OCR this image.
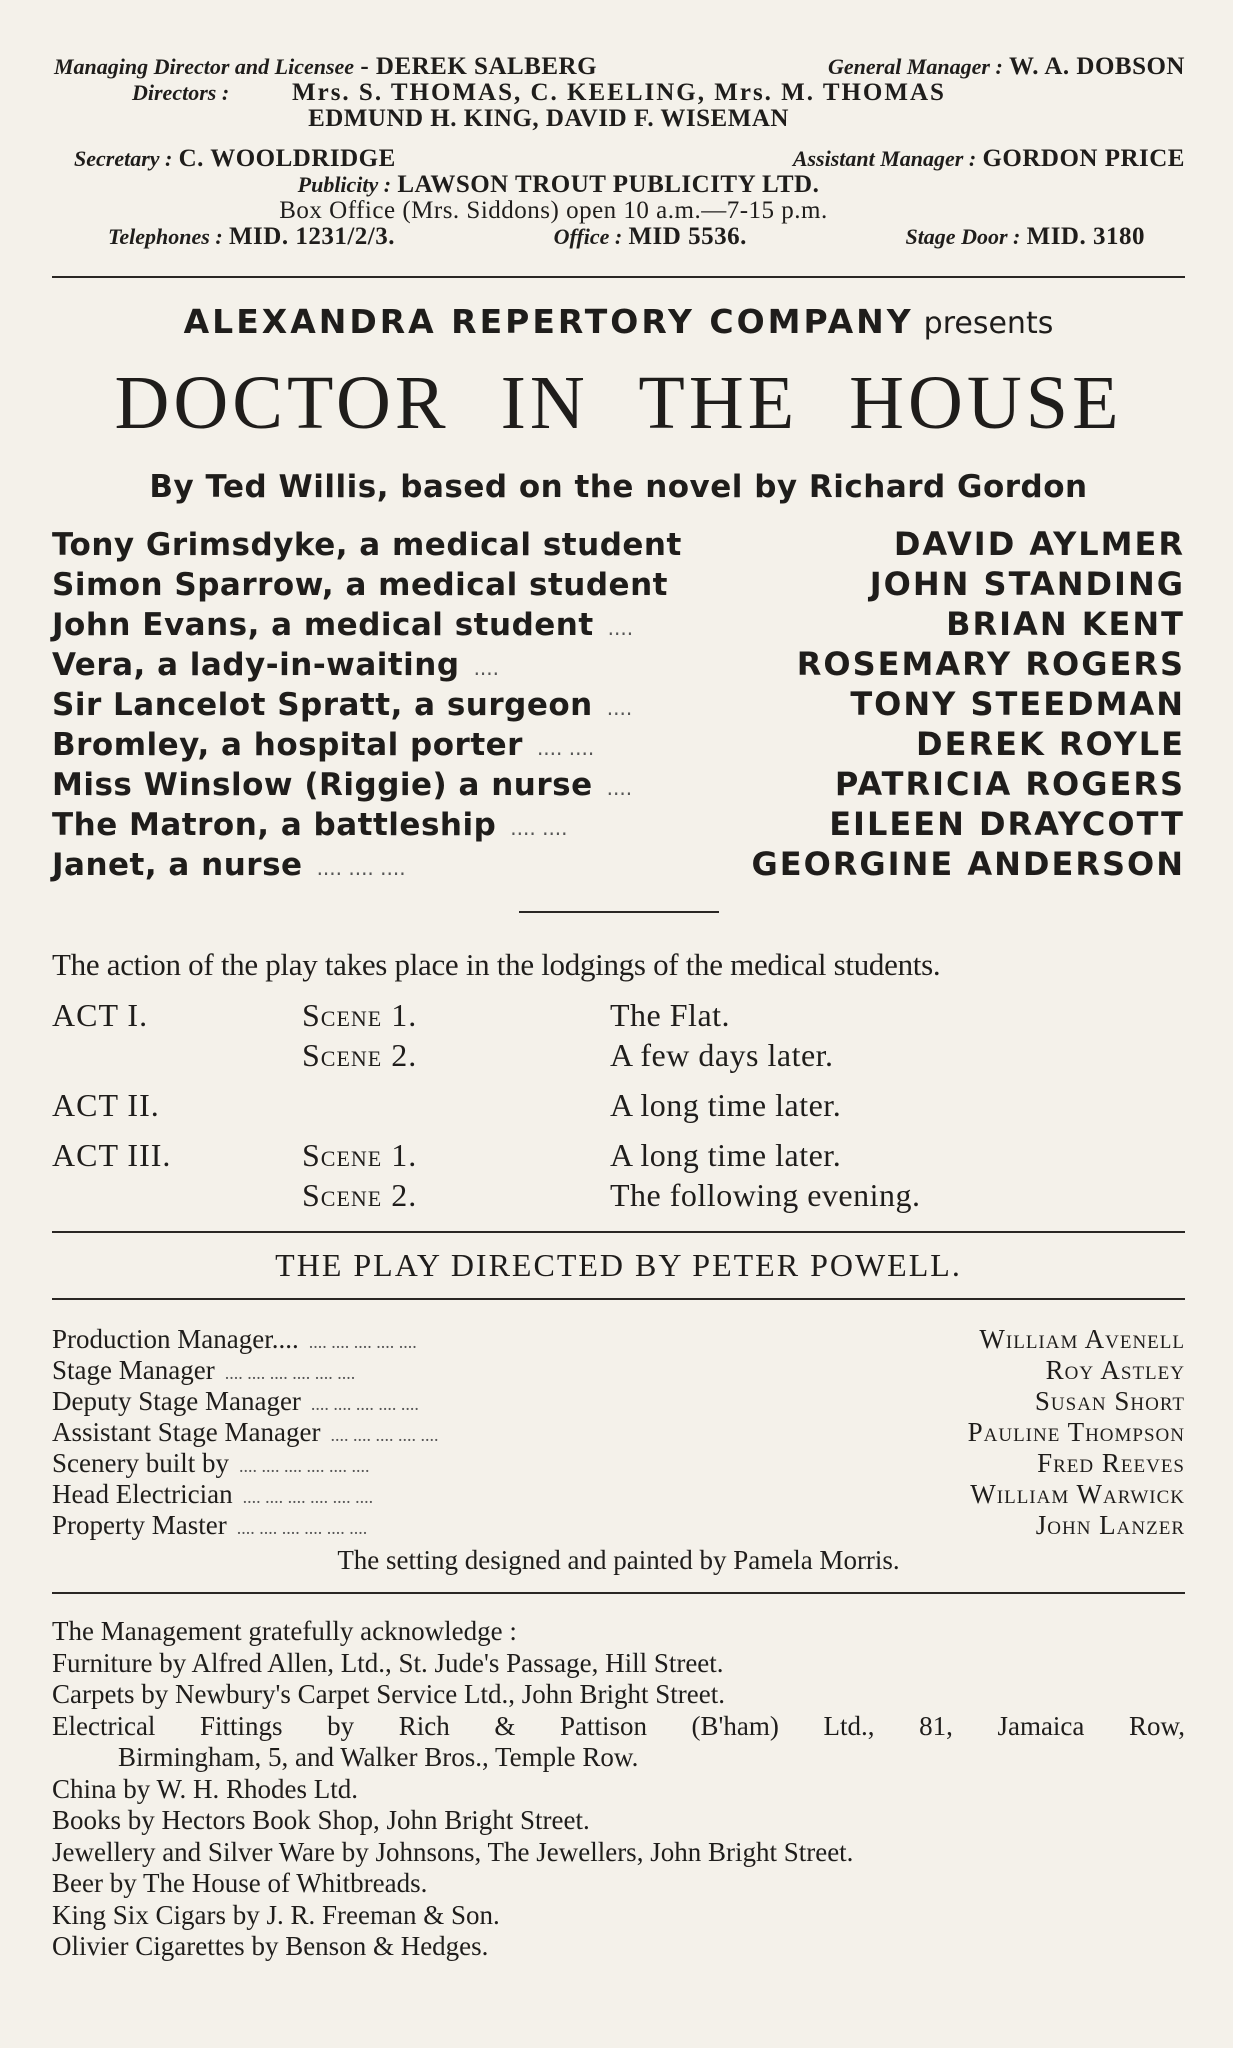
Managing Director and Licensee - DEREK SALBERG	General Manager : W. A. DOBSON
Directors :	Mrs. S. THOMAS, C. KEELING, Mrs. M. THOMAS
EDMUND H. KING, DAVID F. WISEMAN
Secretary : C. WOOLDRIDGE	Assistant Manager : GORDON PRICE
Publicity : LAWSON TROUT PUBLICITY LTD.
Box Office (Mrs. Siddons) open 10 a.m.—7-15 p.m.
Telephones : MID. 1231/2/3.	Office : MID 5536.	Stage Door : MID. 3180
ALEXANDRA REPERTORY COMPANY presents
DOCTOR IN THE HOUSE
By Ted Willis, based on the novel by Richard Gordon
Tony Grimsdyke, a medical student	DAVID AYLMER
Simon Sparrow, a medical student	JOHN STANDING
John Evans, a medical student ....	BRIAN KENT
Vera, a lady-in-waiting ....	ROSEMARY ROGERS
Sir Lancelot Spratt, a surgeon ....	TONY STEEDMAN
Bromley, a hospital porter .... ....	DEREK ROYLE
Miss Winslow (Riggie) a nurse ....	PATRICIA ROGERS
The Matron, a battleship .... ....	EILEEN DRAYCOTT
Janet, a nurse .... .... ....	GEORGINE ANDERSON
The action of the play takes place in the lodgings of the medical students.
ACT I.	Scene 1.	The Flat.
Scene 2.	A few days later.
ACT II.	A long time later.
ACT III.	Scene 1.	A long time later.
Scene 2.	The following evening.
THE PLAY DIRECTED BY PETER POWELL.
Production Manager.... .... .... .... .... ....	William Avenell
Stage Manager .... .... .... .... .... ....	Roy Astley
Deputy Stage Manager .... .... .... .... ....	Susan Short
Assistant Stage Manager .... .... .... .... ....	Pauline Thompson
Scenery built by .... .... .... .... .... ....	Fred Reeves
Head Electrician .... .... .... .... .... ....	William Warwick
Property Master .... .... .... .... .... ....	John Lanzer
The setting designed and painted by Pamela Morris.
The Management gratefully acknowledge :
Furniture by Alfred Allen, Ltd., St. Jude's Passage, Hill Street.
Carpets by Newbury's Carpet Service Ltd., John Bright Street.
Electrical Fittings by Rich & Pattison (B'ham) Ltd., 81, Jamaica Row,
Birmingham, 5, and Walker Bros., Temple Row.
China by W. H. Rhodes Ltd.
Books by Hectors Book Shop, John Bright Street.
Jewellery and Silver Ware by Johnsons, The Jewellers, John Bright Street.
Beer by The House of Whitbreads.
King Six Cigars by J. R. Freeman & Son.
Olivier Cigarettes by Benson & Hedges.
